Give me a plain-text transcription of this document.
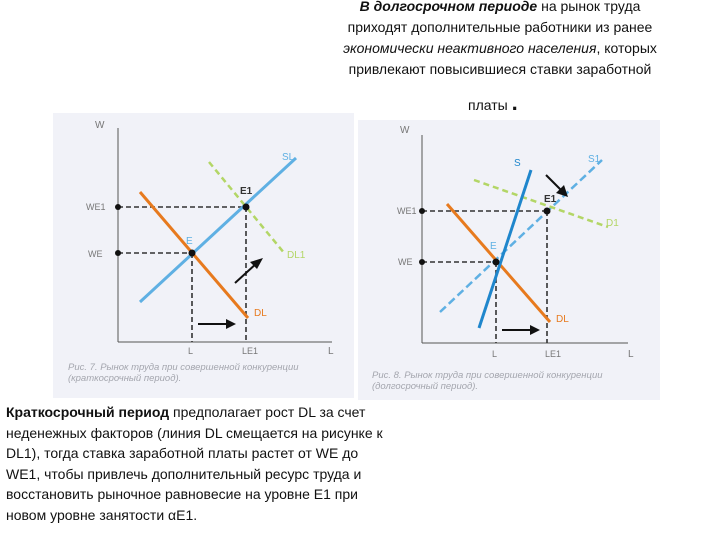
В долгосрочном периоде на рынок труда
приходят дополнительные работники из ранее
экономически неактивного населения, которых
привлекают повысившиеся ставки заработной
платы .
W
WE1
WE
SL
E1
E
DL1
DL
L	LE1	L
Рис. 7. Рынок труда при совершенной конкуренции
(краткосрочный период).
W
WE1
WE
S	S1
E1
E
D1
DL
L	LE1	L
Рис. 8. Рынок труда при совершенной конкуренции
(долгосрочный период).
Краткосрочный период предполагает рост DL за счет
неденежных факторов (линия DL смещается на рисунке к
DL1), тогда ставка заработной платы растет от WE до
WE1, чтобы привлечь дополнительный ресурс труда и
восстановить рыночное равновесие на уровне E1 при
новом уровне занятости αE1.
